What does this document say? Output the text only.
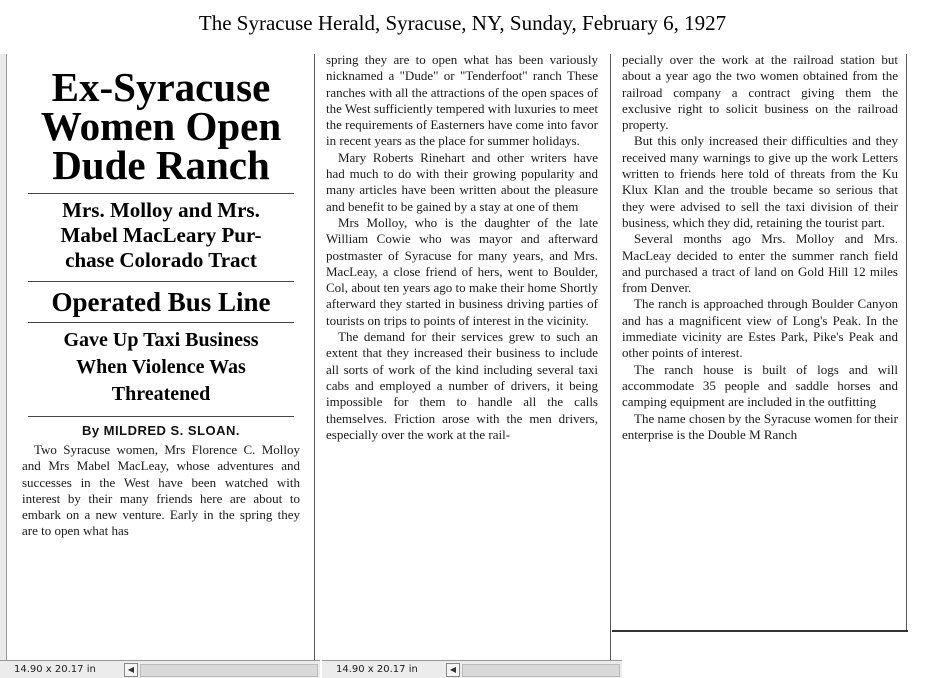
The Syracuse Herald, Syracuse, NY, Sunday, February 6, 1927
Ex-Syracuse
Women Open
Dude Ranch
Mrs. Molloy and Mrs.
Mabel MacLeary Pur-
chase Colorado Tract
Operated Bus Line
Gave Up Taxi Business
When Violence Was
Threatened
By MILDRED S. SLOAN.

Two Syracuse women, Mrs Florence C. Molloy and Mrs Mabel MacLeay, whose adventures and successes in the West have been watched with interest by their many friends here are about to embark on a new venture. Early in the spring they are to open what has

spring they are to open what has been variously nicknamed a "Dude" or "Tenderfoot" ranch These ranches with all the attractions of the open spaces of the West sufficiently tempered with luxuries to meet the requirements of Easterners have come into favor in recent years as the place for summer holidays.

Mary Roberts Rinehart and other writers have had much to do with their growing popularity and many articles have been written about the pleasure and benefit to be gained by a stay at one of them

Mrs Molloy, who is the daughter of the late William Cowie who was mayor and afterward postmaster of Syracuse for many years, and Mrs. MacLeay, a close friend of hers, went to Boulder, Col, about ten years ago to make their home Shortly afterward they started in business driving parties of tourists on trips to points of interest in the vicinity.

The demand for their services grew to such an extent that they increased their business to include all sorts of work of the kind including several taxi cabs and employed a number of drivers, it being impossible for them to handle all the calls themselves. Friction arose with the men drivers, especially over the work at the rail-

pecially over the work at the railroad station but about a year ago the two women obtained from the railroad company a contract giving them the exclusive right to solicit business on the railroad property.

But this only increased their difficulties and they received many warnings to give up the work Letters written to friends here told of threats from the Ku Klux Klan and the trouble became so serious that they were advised to sell the taxi division of their business, which they did, retaining the tourist part.

Several months ago Mrs. Molloy and Mrs. MacLeay decided to enter the summer ranch field and purchased a tract of land on Gold Hill 12 miles from Denver.

The ranch is approached through Boulder Canyon and has a magnificent view of Long's Peak. In the immediate vicinity are Estes Park, Pike's Peak and other points of interest.

The ranch house is built of logs and will accommodate 35 people and saddle horses and camping equipment are included in the outfitting

The name chosen by the Syracuse women for their enterprise is the Double M Ranch

14.90 x 20.17 in	◀	14.90 x 20.17 in	◀
